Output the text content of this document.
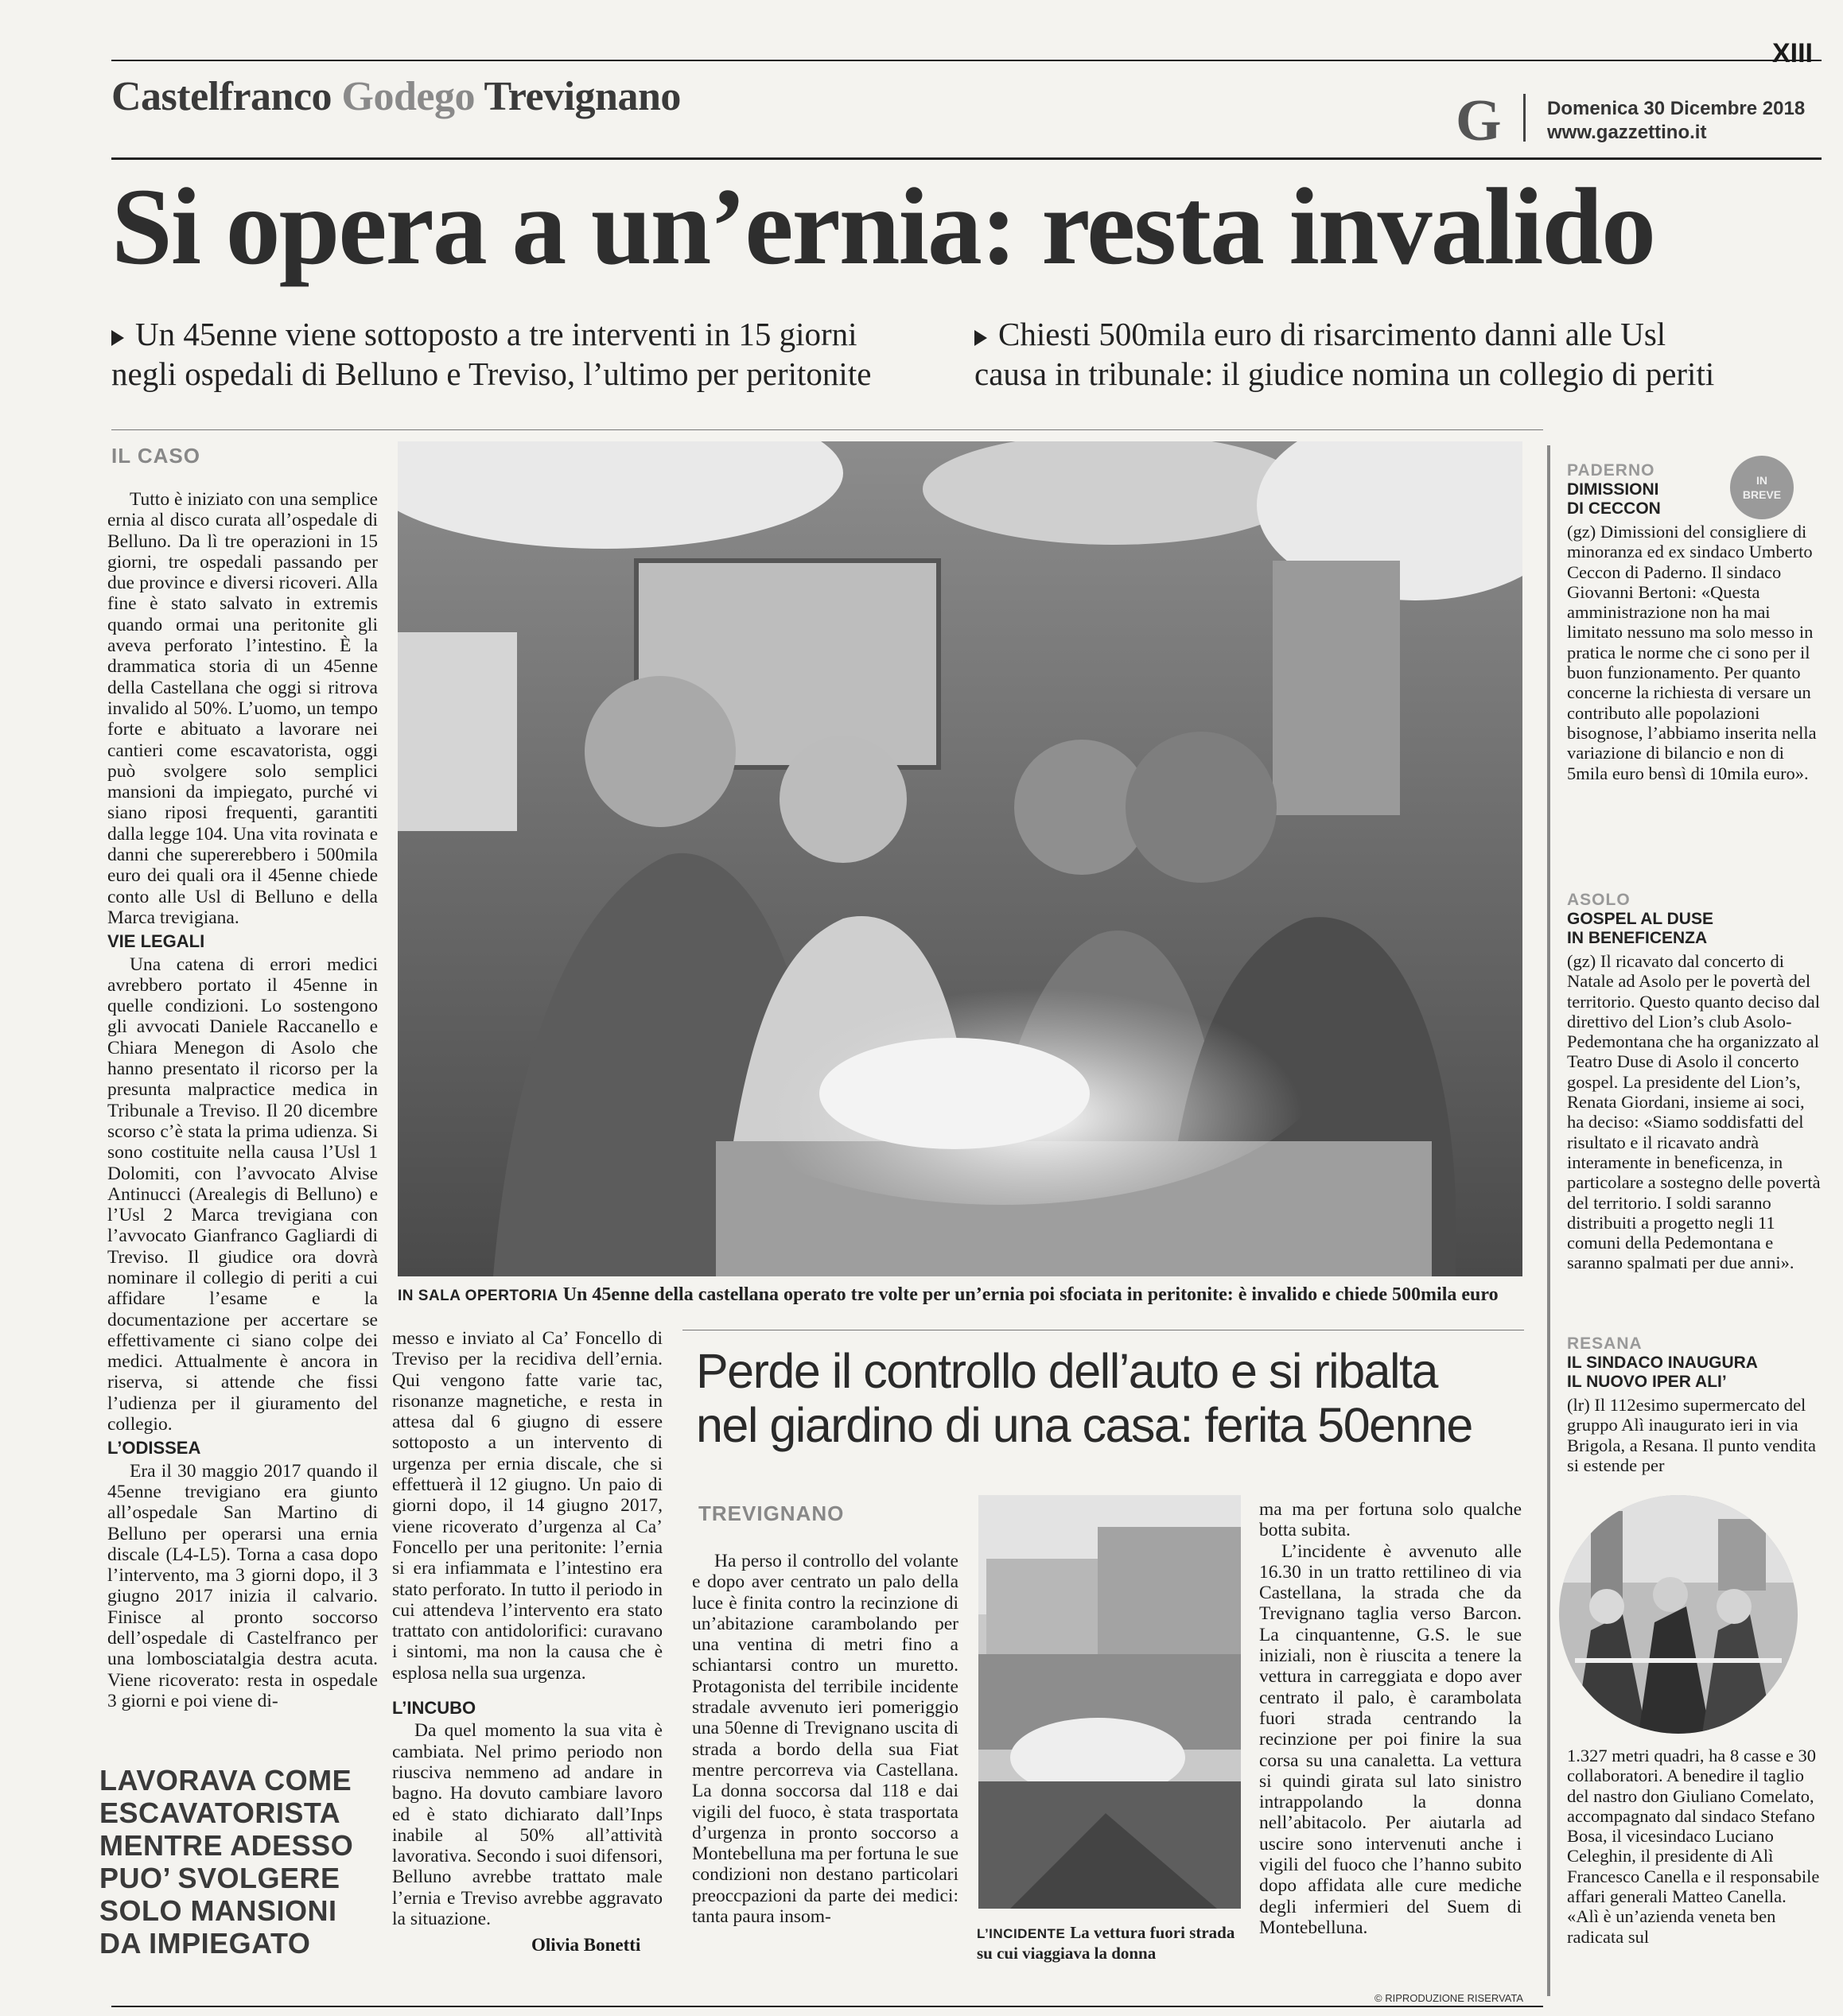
XIII
Castelfranco Godego Trevignano	G Domenica 30 Dicembre 2018
www.gazzettino.it
Si opera a un’ernia: resta invalido
Un 45enne viene sottoposto a tre interventi in 15 giorni
negli ospedali di Belluno e Treviso, l’ultimo per peritonite
Chiesti 500mila euro di risarcimento danni alle Usl
causa in tribunale: il giudice nomina un collegio di periti
IL CASO

Tutto è iniziato con una semplice ernia al disco curata all’ospedale di Belluno. Da lì tre operazioni in 15 giorni, tre ospedali passando per due province e diversi ricoveri. Alla fine è stato salvato in extremis quando ormai una peritonite gli aveva perforato l’intestino. È la drammatica storia di un 45enne della Castellana che oggi si ritrova invalido al 50%. L’uomo, un tempo forte e abituato a lavorare nei cantieri come escavatorista, oggi può svolgere solo semplici mansioni da impiegato, purché vi siano riposi frequenti, garantiti dalla legge 104. Una vita rovinata e danni che supererebbero i 500mila euro dei quali ora il 45enne chiede conto alle Usl di Belluno e della Marca trevigiana.

VIE LEGALI

Una catena di errori medici avrebbero portato il 45enne in quelle condizioni. Lo sostengono gli avvocati Daniele Raccanello e Chiara Menegon di Asolo che hanno presentato il ricorso per la presunta malpractice medica in Tribunale a Treviso. Il 20 dicembre scorso c’è stata la prima udienza. Si sono costituite nella causa l’Usl 1 Dolomiti, con l’avvocato Alvise Antinucci (Arealegis di Belluno) e l’Usl 2 Marca trevigiana con l’avvocato Gianfranco Gagliardi di Treviso. Il giudice ora dovrà nominare il collegio di periti a cui affidare l’esame e la documentazione per accertare se effettivamente ci siano colpe dei medici. Attualmente è ancora in riserva, si attende che fissi l’udienza per il giuramento del collegio.

L’ODISSEA

Era il 30 maggio 2017 quando il 45enne trevigiano era giunto all’ospedale San Martino di Belluno per operarsi una ernia discale (L4-L5). Torna a casa dopo l’intervento, ma 3 giorni dopo, il 3 giugno 2017 inizia il calvario. Finisce al pronto soccorso dell’ospedale di Castelfranco per una lombosciatalgia destra acuta. Viene ricoverato: resta in ospedale 3 giorni e poi viene di-

LAVORAVA COME
ESCAVATORISTA
MENTRE ADESSO
PUO’ SVOLGERE
SOLO MANSIONI
DA IMPIEGATO
IN SALA OPERTORIA Un 45enne della castellana operato tre volte per un’ernia poi sfociata in peritonite: è invalido e chiede 500mila euro

messo e inviato al Ca’ Foncello di Treviso per la recidiva dell’ernia. Qui vengono fatte varie tac, risonanze magnetiche, e resta in attesa dal 6 giugno di essere sottoposto a un intervento di urgenza per ernia discale, che si effettuerà il 12 giugno. Un paio di giorni dopo, il 14 giugno 2017, viene ricoverato d’urgenza al Ca’ Foncello per una peritonite: l’ernia si era infiammata e l’intestino era stato perforato. In tutto il periodo in cui attendeva l’intervento era stato trattato con antidolorifici: curavano i sintomi, ma non la causa che è esplosa nella sua urgenza.

L’INCUBO

Da quel momento la sua vita è cambiata. Nel primo periodo non riusciva nemmeno ad andare in bagno. Ha dovuto cambiare lavoro ed è stato dichiarato dall’Inps inabile al 50% all’attività lavorativa. Secondo i suoi difensori, Belluno avrebbe trattato male l’ernia e Treviso avrebbe aggravato la situazione.

Olivia Bonetti
Perde il controllo dell’auto e si ribalta
nel giardino di una casa: ferita 50enne
TREVIGNANO

Ha perso il controllo del volante e dopo aver centrato un palo della luce è finita contro la recinzione di un’abitazione carambolando per una ventina di metri fino a schiantarsi contro un muretto. Protagonista del terribile incidente stradale avvenuto ieri pomeriggio una 50enne di Trevignano uscita di strada a bordo della sua Fiat mentre percorreva via Castellana. La donna soccorsa dal 118 e dai vigili del fuoco, è stata trasportata d’urgenza in pronto soccorso a Montebelluna ma per fortuna le sue condizioni non destano particolari preoccpazioni da parte dei medici: tanta paura insom-

L’INCIDENTE La vettura fuori strada su cui viaggiava la donna

ma ma per fortuna solo qualche botta subita.

L’incidente è avvenuto alle 16.30 in un tratto rettilineo di via Castellana, la strada che da Trevignano taglia verso Barcon. La cinquantenne, G.S. le sue iniziali, non è riuscita a tenere la vettura in carreggiata e dopo aver centrato il palo, è carambolata fuori strada centrando la recinzione per poi finire la sua corsa su una canaletta. La vettura si quindi girata sul lato sinistro intrappolando la donna nell’abitacolo. Per aiutarla ad uscire sono intervenuti anche i vigili del fuoco che l’hanno subito dopo affidata alle cure mediche degli infermieri del Suem di Montebelluna.

© RIPRODUZIONE RISERVATA
IN
BREVE
PADERNO
DIMISSIONI
DI CECCON
(gz) Dimissioni del consigliere di minoranza ed ex sindaco Umberto Ceccon di Paderno. Il sindaco Giovanni Bertoni: «Questa amministrazione non ha mai limitato nessuno ma solo messo in pratica le norme che ci sono per il buon funzionamento. Per quanto concerne la richiesta di versare un contributo alle popolazioni bisognose, l’abbiamo inserita nella variazione di bilancio e non di 5mila euro bensì di 10mila euro».
ASOLO
GOSPEL AL DUSE
IN BENEFICENZA
(gz) Il ricavato dal concerto di Natale ad Asolo per le povertà del territorio. Questo quanto deciso dal direttivo del Lion’s club Asolo-Pedemontana che ha organizzato al Teatro Duse di Asolo il concerto gospel. La presidente del Lion’s, Renata Giordani, insieme ai soci, ha deciso: «Siamo soddisfatti del risultato e il ricavato andrà interamente in beneficenza, in particolare a sostegno delle povertà del territorio. I soldi saranno distribuiti a progetto negli 11 comuni della Pedemontana e saranno spalmati per due anni».
RESANA
IL SINDACO INAUGURA
IL NUOVO IPER ALI’
(lr) Il 112esimo supermercato del gruppo Alì inaugurato ieri in via Brigola, a Resana. Il punto vendita si estende per
1.327 metri quadri, ha 8 casse e 30 collaboratori. A benedire il taglio del nastro don Giuliano Comelato, accompagnato dal sindaco Stefano Bosa, il vicesindaco Luciano Celeghin, il presidente di Alì Francesco Canella e il responsabile affari generali Matteo Canella. «Alì è un’azienda veneta ben radicata sul
